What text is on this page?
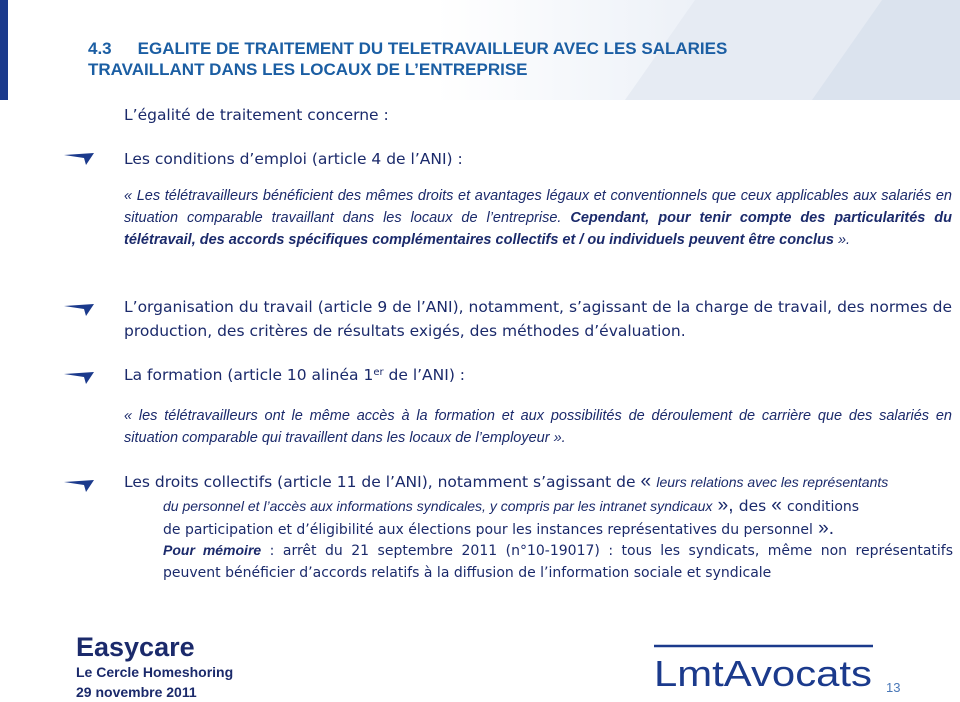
4.3 EGALITE DE TRAITEMENT DU TELETRAVAILLEUR AVEC LES SALARIES
TRAVAILLANT DANS LES LOCAUX DE L’ENTREPRISE
L’égalité de traitement concerne :
Les conditions d’emploi (article 4 de l’ANI) :
« Les télétravailleurs bénéficient des mêmes droits et avantages légaux et conventionnels que ceux applicables aux salariés en situation comparable travaillant dans les locaux de l’entreprise. Cependant, pour tenir compte des particularités du télétravail, des accords spécifiques complémentaires collectifs et / ou individuels peuvent être conclus ».
L’organisation du travail (article 9 de l’ANI), notamment, s’agissant de la charge de travail, des normes de production, des critères de résultats exigés, des méthodes d’évaluation.
La formation (article 10 alinéa 1er de l’ANI) :
« les télétravailleurs ont le même accès à la formation et aux possibilités de déroulement de carrière que des salariés en situation comparable qui travaillent dans les locaux de l’employeur ».
Les droits collectifs (article 11 de l’ANI), notamment s’agissant de « leurs relations avec les représentants
du personnel et l’accès aux informations syndicales, y compris par les intranet syndicaux », des « conditions
de participation et d’éligibilité aux élections pour les instances représentatives du personnel ».
Pour mémoire : arrêt du 21 septembre 2011 (n°10-19017) : tous les syndicats, même non représentatifs peuvent bénéficier d’accords relatifs à la diffusion de l’information sociale et syndicale
Easycare
Le Cercle Homeshoring
29 novembre 2011	LmtAvocats 13
